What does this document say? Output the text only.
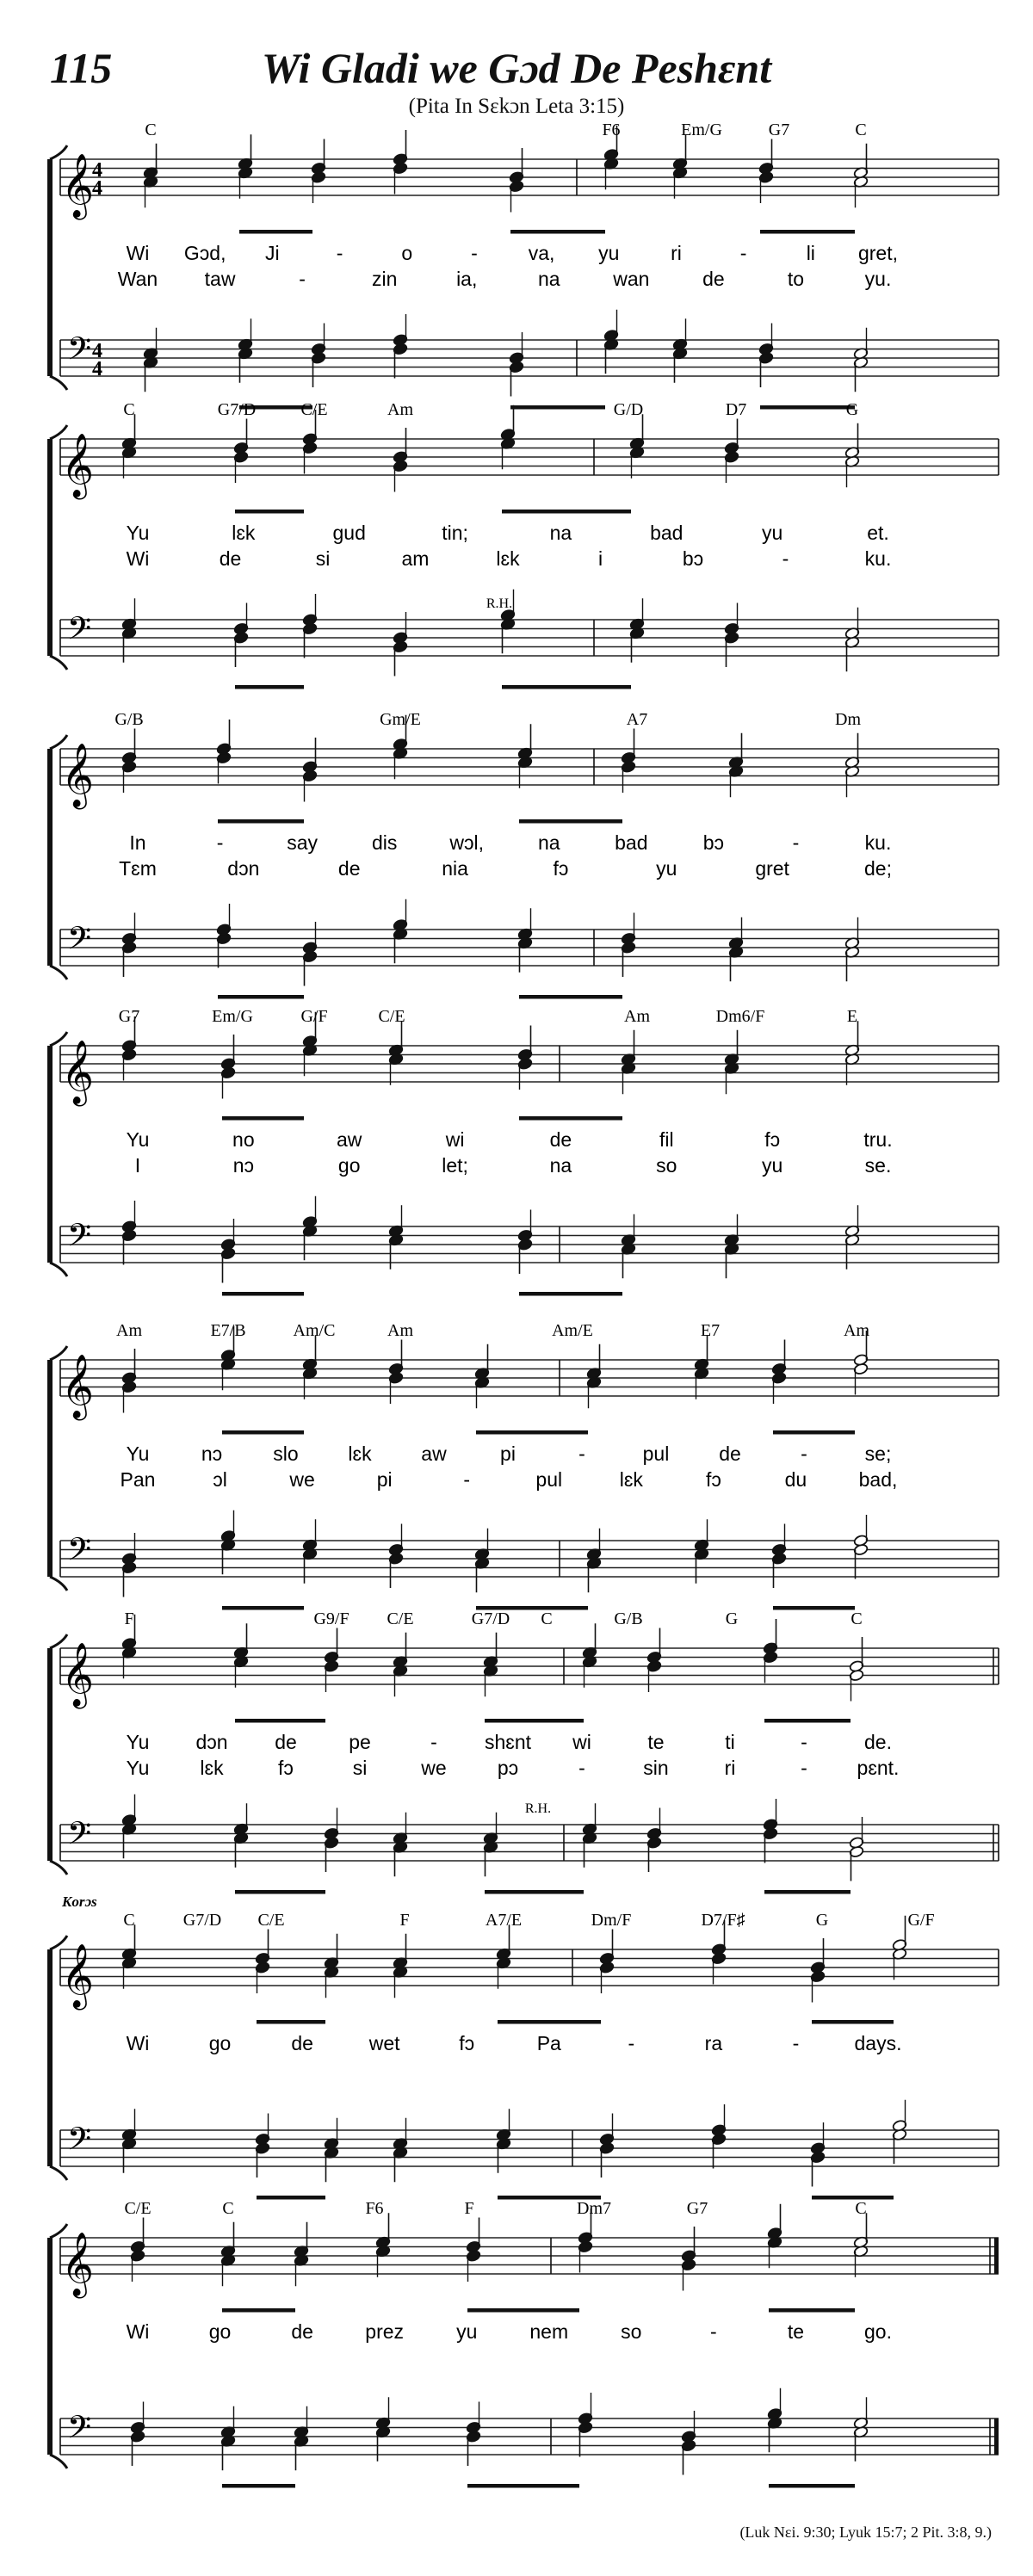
115	Wi Gladi we Gɔd De Peshɛnt
(Pita In Sɛkɔn Leta 3:15)
𝄞
4
4
𝄢 4
4
C	F6	Em/G	G7	C
Wi Gɔd, Ji	-	o	-	va, yu	ri	-	li gret,
Wan taw	-	zin	ia,	na	wan	de	to	yu.
𝄞
𝄢
C	G7/D	C/E	Am	G/D	D7	G
Yu	lɛk	gud	tin;	na	bad	yu	et.
Wi	de	si	am	lɛk	i	bɔ	-	ku.
R.H.
𝄞
𝄢
G/B	Gm/E	A7	Dm
In	-	say	dis	wɔl,	na	bad	bɔ	-	ku.
Tɛm	dɔn	de	nia	fɔ	yu	gret	de;
𝄞
𝄢
G7	Em/G	G/F	C/E	Am	Dm6/F	E
Yu	no	aw	wi	de	fil	fɔ	tru.
I	nɔ	go	let;	na	so	yu	se.
𝄞
𝄢
Am	E7/B	Am/C	Am	Am/E	E7	Am
Yu	nɔ	slo	lɛk	aw	pi	-	pul	de	-	se;
Pan	ɔl	we	pi	-	pul	lɛk	fɔ	du	bad,
𝄞
𝄢
F	G9/F C/E	G7/D C	G/B	G	C
Yu dɔn de	pe	- shɛnt wi	te	ti	-	de.
Yu	lɛk	fɔ	si	we	pɔ	-	sin	ri	-	pɛnt.
R.H.
𝄞
𝄢
C	G7/D C/E	F	A7/E	Dm/F	D7/F♯	G	G/F
Korɔs
Wi	go	de	wet	fɔ	Pa	-	ra	-	days.
𝄞
𝄢
C/E	C	F6	F	Dm7	G7	C
Wi	go	de	prez	yu	nem	so	-	te	go.
(Luk Nɛi. 9:30; Lyuk 15:7; 2 Pit. 3:8, 9.)
